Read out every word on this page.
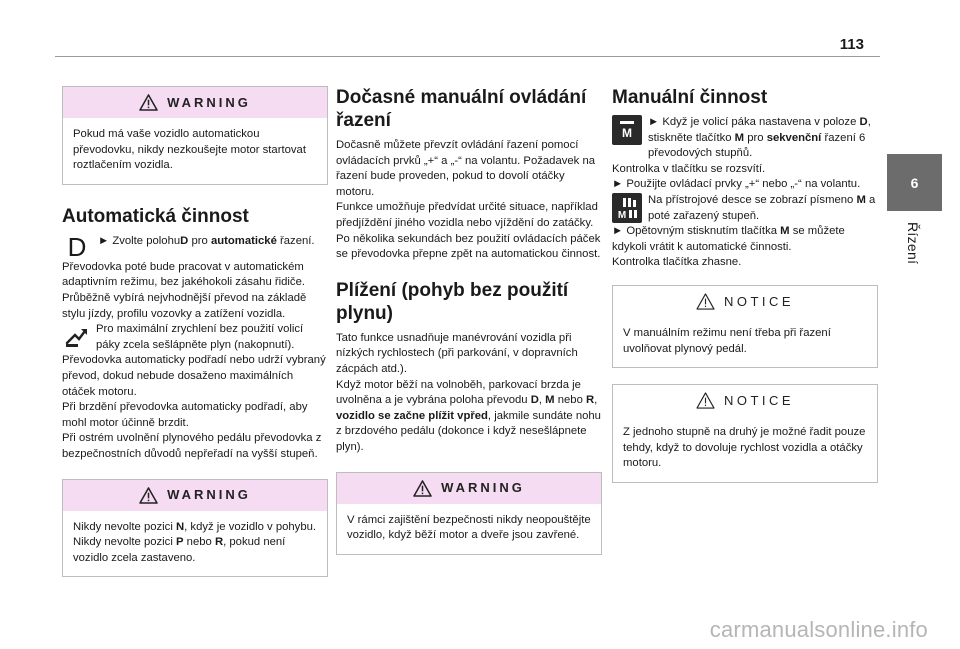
113
6
Řízení
WARNING
Pokud má vaše vozidlo automatickou převodovku, nikdy nezkoušejte motor startovat roztlačením vozidla.
Automatická činnost
D ► Zvolte polohuD pro automatické řazení.

Převodovka poté bude pracovat v automatickém adaptivním režimu, bez jakéhokoli zásahu řidiče. Průběžně vybírá nejvhodnější převod na základě stylu jízdy, profilu vozovky a zatížení vozidla.

Pro maximální zrychlení bez použití volicí páky zcela sešlápněte plyn (nakopnutí).

Převodovka automaticky podřadí nebo udrží vybraný převod, dokud nebude dosaženo maximálních otáček motoru.

Při brzdění převodovka automaticky podřadí, aby mohl motor účinně brzdit.

Při ostrém uvolnění plynového pedálu převodovka z bezpečnostních důvodů nepřeřadí na vyšší stupeň.

WARNING
Nikdy nevolte pozici N, když je vozidlo v pohybu.
Nikdy nevolte pozici P nebo R, pokud není vozidlo zcela zastaveno.
Dočasné manuální ovládání řazení

Dočasně můžete převzít ovládání řazení pomocí ovládacích prvků „+“ a „-“ na volantu. Požadavek na řazení bude proveden, pokud to dovolí otáčky motoru.

Funkce umožňuje předvídat určité situace, například předjíždění jiného vozidla nebo vjíždění do zatáčky.

Po několika sekundách bez použití ovládacích páček se převodovka přepne zpět na automatickou činnost.

Plížení (pohyb bez použití plynu)

Tato funkce usnadňuje manévrování vozidla při nízkých rychlostech (při parkování, v dopravních zácpách atd.).

Když motor běží na volnoběh, parkovací brzda je uvolněna a je vybrána poloha převodu D, M nebo R, vozidlo se začne plížit vpřed, jakmile sundáte nohu z brzdového pedálu (dokonce i když nesešlápnete plyn).

WARNING
V rámci zajištění bezpečnosti nikdy neopouštějte vozidlo, když běží motor a dveře jsou zavřené.
Manuální činnost
M

► Když je volicí páka nastavena v poloze D, stiskněte tlačítko M pro sekvenční řazení 6 převodových stupňů.

Kontrolka v tlačítku se rozsvítí.

► Použijte ovládací prvky „+“ nebo „-“ na volantu.

M

Na přístrojové desce se zobrazí písmeno M a poté zařazený stupeň.

► Opětovným stisknutím tlačítka M se můžete kdykoli vrátit k automatické činnosti.

Kontrolka tlačítka zhasne.

NOTICE
V manuálním režimu není třeba při řazení uvolňovat plynový pedál.
NOTICE
Z jednoho stupně na druhý je možné řadit pouze tehdy, když to dovoluje rychlost vozidla a otáčky motoru.
carmanualsonline.info
